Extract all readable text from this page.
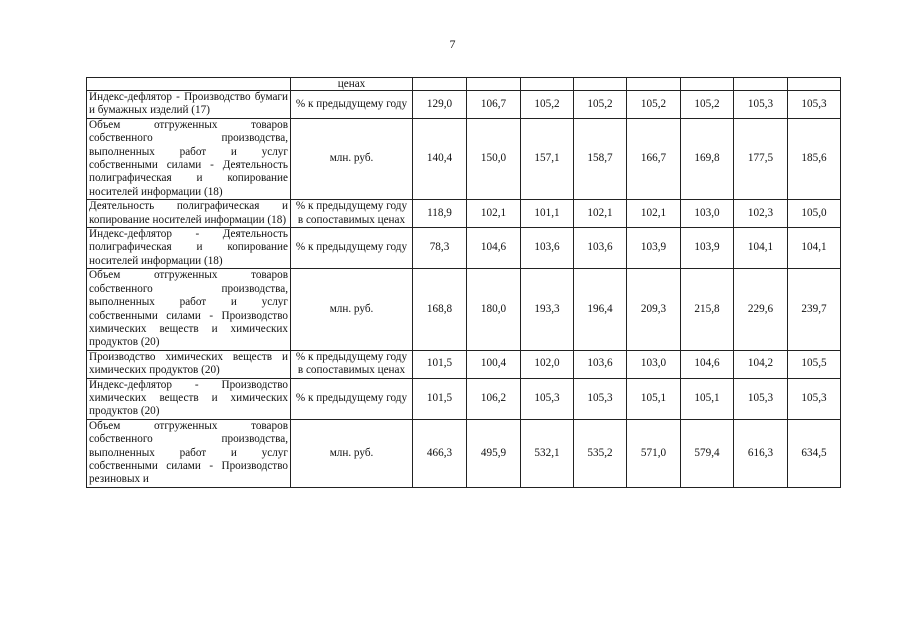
7
	ценах								
Индекс-дефлятор - Производство бумаги и бумажных изделий (17)	% к предыдущему году	129,0	106,7	105,2	105,2	105,2	105,2	105,3	105,3
Объем отгруженных товаров собственного производства, выполненных работ и услуг собственными силами - Деятельность полиграфическая и копирование носителей информации (18)	млн. руб.	140,4	150,0	157,1	158,7	166,7	169,8	177,5	185,6
Деятельность полиграфическая и копирование носителей информации (18)	% к предыдущему году в сопоставимых ценах	118,9	102,1	101,1	102,1	102,1	103,0	102,3	105,0
Индекс-дефлятор - Деятельность полиграфическая и копирование носителей информации (18)	% к предыдущему году	78,3	104,6	103,6	103,6	103,9	103,9	104,1	104,1
Объем отгруженных товаров собственного производства, выполненных работ и услуг собственными силами - Производство химических веществ и химических продуктов (20)	млн. руб.	168,8	180,0	193,3	196,4	209,3	215,8	229,6	239,7
Производство химических веществ и химических продуктов (20)	% к предыдущему году в сопоставимых ценах	101,5	100,4	102,0	103,6	103,0	104,6	104,2	105,5
Индекс-дефлятор - Производство химических веществ и химических продуктов (20)	% к предыдущему году	101,5	106,2	105,3	105,3	105,1	105,1	105,3	105,3
Объем отгруженных товаров собственного производства, выполненных работ и услуг собственными силами - Производство резиновых и	млн. руб.	466,3	495,9	532,1	535,2	571,0	579,4	616,3	634,5
